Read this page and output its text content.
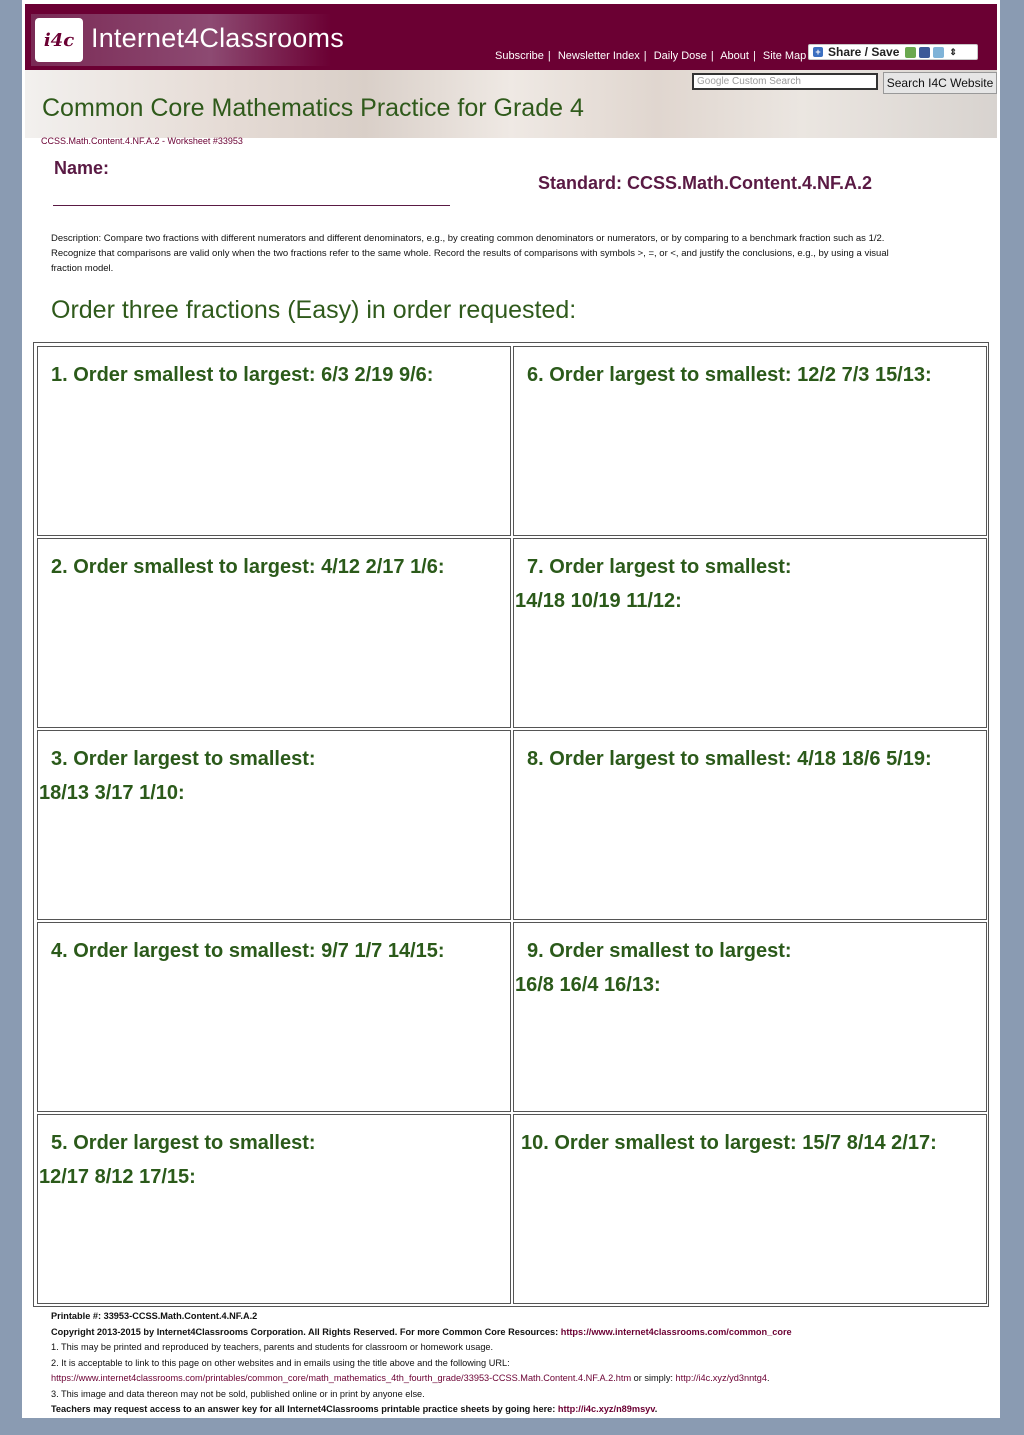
i4c Internet4Classrooms
Subscribe | Newsletter Index | Daily Dose | About | Site Map + Share / Save	⇕
Google Custom Search	Search I4C Website
Common Core Mathematics Practice for Grade 4
CCSS.Math.Content.4.NF.A.2 - Worksheet #33953
Name:
Standard: CCSS.Math.Content.4.NF.A.2
Description: Compare two fractions with different numerators and different denominators, e.g., by creating common denominators or numerators, or by comparing to a benchmark fraction such as 1/2.
Recognize that comparisons are valid only when the two fractions refer to the same whole. Record the results of comparisons with symbols >, =, or <, and justify the conclusions, e.g., by using a visual
fraction model.
Order three fractions (Easy) in order requested:
1. Order smallest to largest: 6/3 2/19 9/6:	6. Order largest to smallest: 12/2 7/3 15/13:
2. Order smallest to largest: 4/12 2/17 1/6:	7. Order largest to smallest:
14/18 10/19 11/12:
3. Order largest to smallest:
18/13 3/17 1/10:
8. Order largest to smallest: 4/18 18/6 5/19:
4. Order largest to smallest: 9/7 1/7 14/15:	9. Order smallest to largest:
16/8 16/4 16/13:
5. Order largest to smallest:
12/17 8/12 17/15:
10. Order smallest to largest: 15/7 8/14 2/17:
Printable #: 33953-CCSS.Math.Content.4.NF.A.2
Copyright 2013-2015 by Internet4Classrooms Corporation. All Rights Reserved. For more Common Core Resources: https://www.internet4classrooms.com/common_core
1. This may be printed and reproduced by teachers, parents and students for classroom or homework usage.
2. It is acceptable to link to this page on other websites and in emails using the title above and the following URL:
https://www.internet4classrooms.com/printables/common_core/math_mathematics_4th_fourth_grade/33953-CCSS.Math.Content.4.NF.A.2.htm or simply: http://i4c.xyz/yd3nntg4.
3. This image and data thereon may not be sold, published online or in print by anyone else.
Teachers may request access to an answer key for all Internet4Classrooms printable practice sheets by going here: http://i4c.xyz/n89msyv.
